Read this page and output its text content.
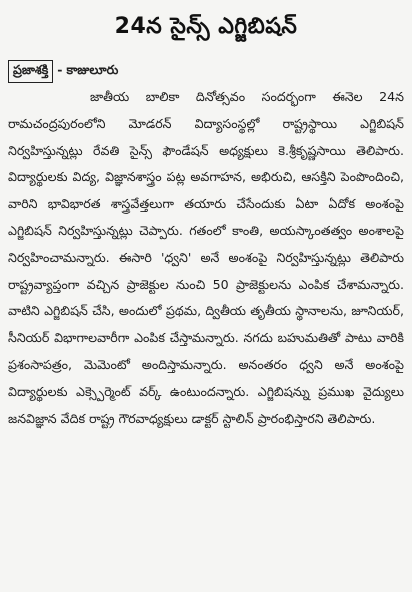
24న సైన్స్ ఎగ్జిబిషన్
ప్రజాశక్తి - కాజులూరు

జాతీయ బాలికా దినోత్సవం సందర్భంగా ఈనెల 24న రామచంద్రపురంలోని మోడరన్ విద్యాసంస్థల్లో రాష్ట్రస్థాయి ఎగ్జిబిషన్ నిర్వహిస్తున్నట్లు రేవతి సైన్స్ ఫౌండేషన్ అధ్యక్షులు కె.శ్రీకృష్ణసాయి తెలిపారు. విద్యార్థులకు విద్య, విజ్ఞానశాస్త్రం పట్ల అవగాహన, అభిరుచి, ఆసక్తిని పెంపొందించి, వారిని భావిభారత శాస్త్రవేత్తలుగా తయారు చేసేందుకు ఏటా ఏదోక అంశంపై ఎగ్జిబిషన్ నిర్వహిస్తున్నట్లు చెప్పారు. గతంలో కాంతి, అయస్కాంతత్వం అంశాలపై నిర్వహించామన్నారు. ఈసారి 'ధ్వని' అనే అంశంపై నిర్వహిస్తున్నట్లు తెలిపారు రాష్ట్రవ్యాప్తంగా వచ్చిన ప్రాజెక్టుల నుంచి 50 ప్రాజెక్టులను ఎంపిక చేశామన్నారు. వాటిని ఎగ్జిబిషన్ చేసి, అందులో ప్రథమ, ద్వితీయ తృతీయ స్థానాలను, జూనియర్, సీనియర్ విభాగాలవారీగా ఎంపిక చేస్తామన్నారు. నగదు బహుమతితో పాటు వారికి ప్రశంసాపత్రం, మెమెంటో అందిస్తామన్నారు. అనంతరం ధ్వని అనే అంశంపై విద్యార్థులకు ఎక్స్పెర్మెంట్ వర్క్ ఉంటుందన్నారు. ఎగ్జిబిషన్ను ప్రముఖ వైద్యులు జనవిజ్ఞాన వేదిక రాష్ట్ర గౌరవాధ్యక్షులు డాక్టర్ స్టాలిన్ ప్రారంభిస్తారని తెలిపారు.
